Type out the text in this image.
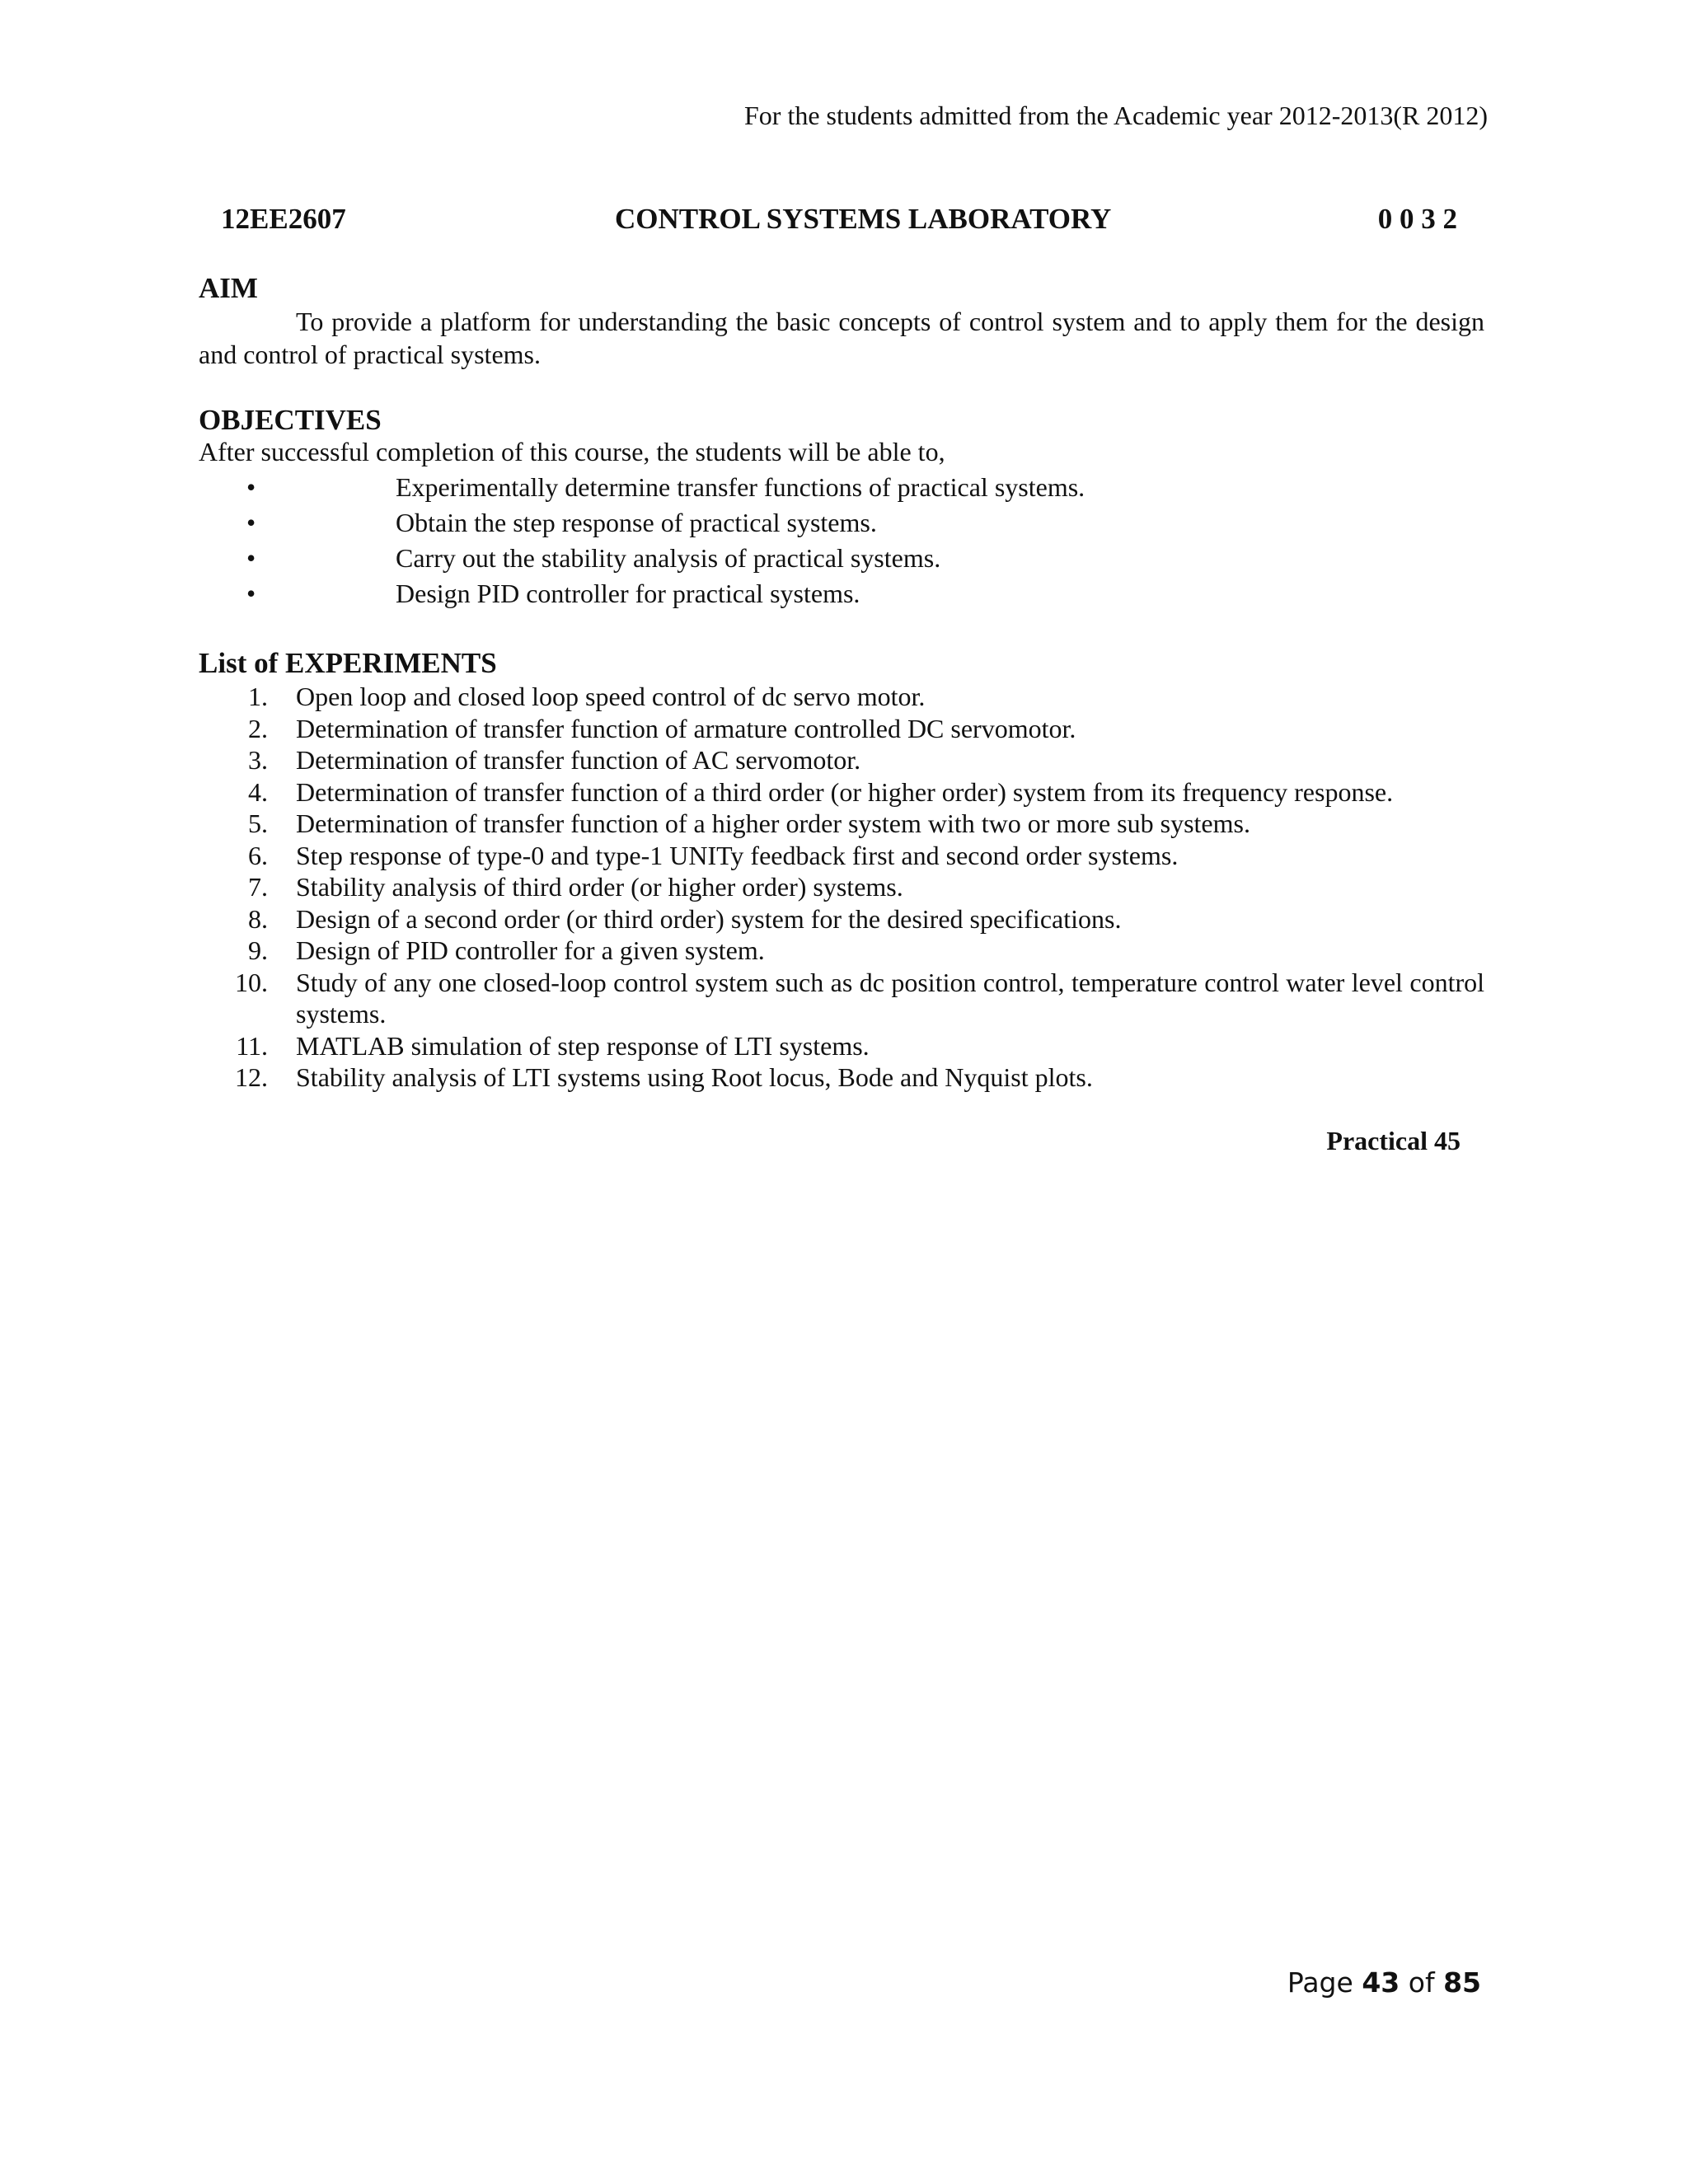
For the students admitted from the Academic year 2012-2013(R 2012)
12EE2607	CONTROL SYSTEMS LABORATORY	0 0 3 2
AIM
To provide a platform for understanding the basic concepts of control system and to apply them for the design and control of practical systems.
OBJECTIVES
After successful completion of this course, the students will be able to,
•	Experimentally determine transfer functions of practical systems.
•	Obtain the step response of practical systems.
•	Carry out the stability analysis of practical systems.
•	Design PID controller for practical systems.
List of EXPERIMENTS
1. Open loop and closed loop speed control of dc servo motor.
2. Determination of transfer function of armature controlled DC servomotor.
3. Determination of transfer function of AC servomotor.
4. Determination of transfer function of a third order (or higher order) system from its frequency response.
5. Determination of transfer function of a higher order system with two or more sub systems.
6. Step response of type-0 and type-1 UNITy feedback first and second order systems.
7. Stability analysis of third order (or higher order) systems.
8. Design of a second order (or third order) system for the desired specifications.
9. Design of PID controller for a given system.
10. Study of any one closed-loop control system such as dc position control, temperature control water level control systems.
11. MATLAB simulation of step response of LTI systems.
12. Stability analysis of LTI systems using Root locus, Bode and Nyquist plots.
Practical 45
Page 43 of 85
